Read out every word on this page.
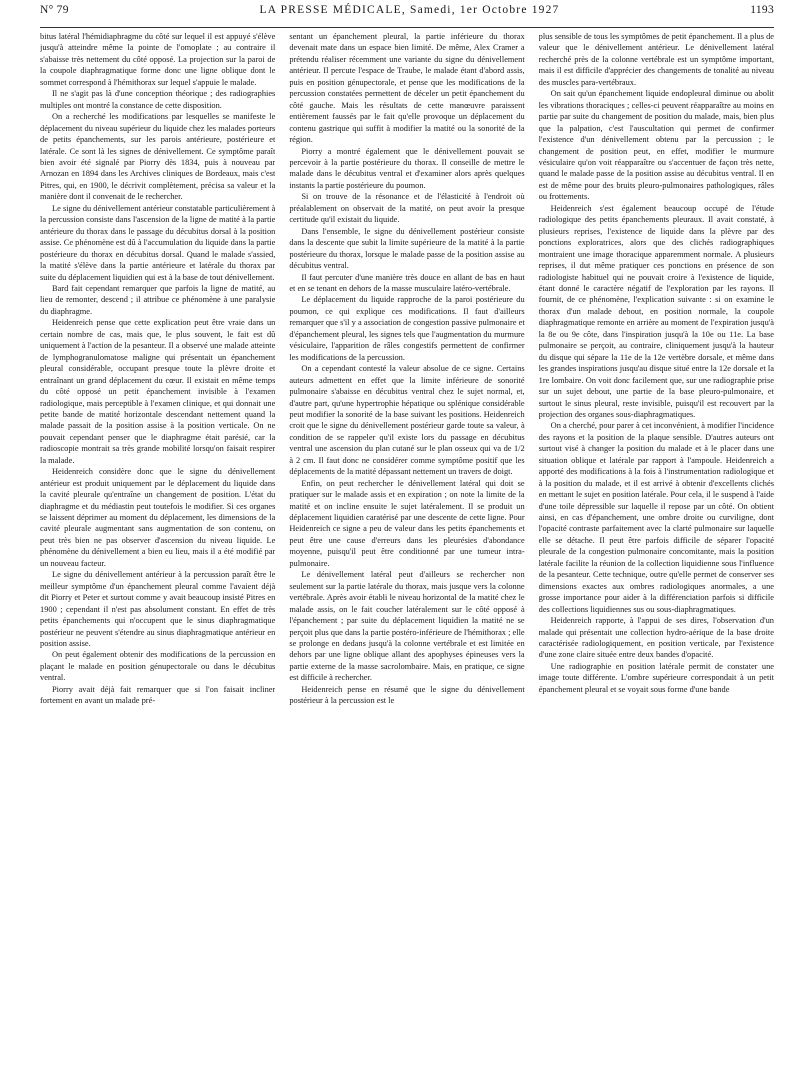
N° 79	LA PRESSE MÉDICALE, Samedi, 1er Octobre 1927	1193

bitus latéral l'hémidiaphragme du côté sur lequel il est appuyé s'élève jusqu'à atteindre même la pointe de l'omoplate ; au contraire il s'abaisse très nettement du côté opposé. La projection sur la paroi de la coupole diaphragmatique forme donc une ligne oblique dont le sommet correspond à l'hémithorax sur lequel s'appuie le malade.

Il ne s'agit pas là d'une conception théorique ; des radiographies multiples ont montré la constance de cette disposition.

On a recherché les modifications par lesquelles se manifeste le déplacement du niveau supérieur du liquide chez les malades porteurs de petits épanchements, sur les parois antérieure, postérieure et latérale. Ce sont là les signes de dénivellement. Ce symptôme paraît bien avoir été signalé par Piorry dès 1834, puis à nouveau par Arnozan en 1894 dans les Archives cliniques de Bordeaux, mais c'est Pitres, qui, en 1900, le décrivit complètement, précisa sa valeur et la manière dont il convenait de le rechercher.

Le signe du dénivellement antérieur constatable particulièrement à la percussion consiste dans l'ascension de la ligne de matité à la partie antérieure du thorax dans le passage du décubitus dorsal à la position assise. Ce phénomène est dû à l'accumulation du liquide dans la partie postérieure du thorax en décubitus dorsal. Quand le malade s'assied, la matité s'élève dans la partie antérieure et latérale du thorax par suite du déplacement liquidien qui est à la base de tout dénivellement.

Bard fait cependant remarquer que parfois la ligne de matité, au lieu de remonter, descend ; il attribue ce phénomène à une paralysie du diaphragme.

Heidenreich pense que cette explication peut être vraie dans un certain nombre de cas, mais que, le plus souvent, le fait est dû uniquement à l'action de la pesanteur. Il a observé une malade atteinte de lymphogranulomatose maligne qui présentait un épanchement pleural considérable, occupant presque toute la plèvre droite et entraînant un grand déplacement du cœur. Il existait en même temps du côté opposé un petit épanchement invisible à l'examen radiologique, mais perceptible à l'examen clinique, et qui donnait une petite bande de matité horizontale descendant nettement quand la malade passait de la position assise à la position verticale. On ne pouvait cependant penser que le diaphragme était parésié, car la radioscopie montrait sa très grande mobilité lorsqu'on faisait respirer la malade.

Heidenreich considère donc que le signe du dénivellement antérieur est produit uniquement par le déplacement du liquide dans la cavité pleurale qu'entraîne un changement de position. L'état du diaphragme et du médiastin peut toutefois le modifier. Si ces organes se laissent déprimer au moment du déplacement, les dimensions de la cavité pleurale augmentant sans augmentation de son contenu, on peut très bien ne pas observer d'ascension du niveau liquide. Le phénomène du dénivellement a bien eu lieu, mais il a été modifié par un nouveau facteur.

Le signe du dénivellement antérieur à la percussion paraît être le meilleur symptôme d'un épanchement pleural comme l'avaient déjà dit Piorry et Peter et surtout comme y avait beaucoup insisté Pitres en 1900 ; cependant il n'est pas absolument constant. En effet de très petits épanchements qui n'occupent que le sinus diaphragmatique postérieur ne peuvent s'étendre au sinus diaphragmatique antérieur en position assise.

On peut également obtenir des modifications de la percussion en plaçant le malade en position génupectorale ou dans le décubitus ventral.

Piorry avait déjà fait remarquer que si l'on faisait incliner fortement en avant un malade pré-

sentant un épanchement pleural, la partie inférieure du thorax devenait mate dans un espace bien limité. De même, Alex Cramer a prétendu réaliser récemment une variante du signe du dénivellement antérieur. Il percute l'espace de Traube, le malade étant d'abord assis, puis en position génupectorale, et pense que les modifications de la percussion constatées permettent de déceler un petit épanchement du côté gauche. Mais les résultats de cette manœuvre paraissent entièrement faussés par le fait qu'elle provoque un déplacement du contenu gastrique qui suffit à modifier la matité ou la sonorité de la région.

Piorry a montré également que le dénivellement pouvait se percevoir à la partie postérieure du thorax. Il conseille de mettre le malade dans le décubitus ventral et d'examiner alors après quelques instants la partie postérieure du poumon.

Si on trouve de la résonance et de l'élasticité à l'endroit où préalablement on observait de la matité, on peut avoir la presque certitude qu'il existait du liquide.

Dans l'ensemble, le signe du dénivellement postérieur consiste dans la descente que subit la limite supérieure de la matité à la partie postérieure du thorax, lorsque le malade passe de la position assise au décubitus ventral.

Il faut percuter d'une manière très douce en allant de bas en haut et en se tenant en dehors de la masse musculaire latéro-vertébrale.

Le déplacement du liquide rapproche de la paroi postérieure du poumon, ce qui explique ces modifications. Il faut d'ailleurs remarquer que s'il y a association de congestion passive pulmonaire et d'épanchement pleural, les signes tels que l'augmentation du murmure vésiculaire, l'apparition de râles congestifs permettent de confirmer les modifications de la percussion.

On a cependant contesté la valeur absolue de ce signe. Certains auteurs admettent en effet que la limite inférieure de sonorité pulmonaire s'abaisse en décubitus ventral chez le sujet normal, et, d'autre part, qu'une hypertrophie hépatique ou splénique considérable peut modifier la sonorité de la base suivant les positions. Heidenreich croit que le signe du dénivellement postérieur garde toute sa valeur, à condition de se rappeler qu'il existe lors du passage en décubitus ventral une ascension du plan cutané sur le plan osseux qui va de 1/2 à 2 cm. Il faut donc ne considérer comme symptôme positif que les déplacements de la matité dépassant nettement un travers de doigt.

Enfin, on peut rechercher le dénivellement latéral qui doit se pratiquer sur le malade assis et en expiration ; on note la limite de la matité et on incline ensuite le sujet latéralement. Il se produit un déplacement liquidien caratérisé par une descente de cette ligne. Pour Heidenreich ce signe a peu de valeur dans les petits épanchements et peut être une cause d'erreurs dans les pleurésies d'abondance moyenne, puisqu'il peut être conditionné par une tumeur intra-pulmonaire.

Le dénivellement latéral peut d'ailleurs se rechercher non seulement sur la partie latérale du thorax, mais jusque vers la colonne vertébrale. Après avoir établi le niveau horizontal de la matité chez le malade assis, on le fait coucher latéralement sur le côté opposé à l'épanchement ; par suite du déplacement liquidien la matité ne se perçoit plus que dans la partie postéro-inférieure de l'hémithorax ; elle se prolonge en dedans jusqu'à la colonne vertébrale et est limitée en dehors par une ligne oblique allant des apophyses épineuses vers la partie externe de la masse sacrolombaire. Mais, en pratique, ce signe est difficile à rechercher.

Heidenreich pense en résumé que le signe du dénivellement postérieur à la percussion est le

plus sensible de tous les symptômes de petit épanchement. Il a plus de valeur que le dénivellement antérieur. Le dénivellement latéral recherché près de la colonne vertébrale est un symptôme important, mais il est difficile d'apprécier des changements de tonalité au niveau des muscles para-vertébraux.

On sait qu'un épanchement liquide endopleural diminue ou abolit les vibrations thoraciques ; celles-ci peuvent réapparaître au moins en partie par suite du changement de position du malade, mais, bien plus que la palpation, c'est l'auscultation qui permet de confirmer l'existence d'un dénivellement obtenu par la percussion ; le changement de position peut, en effet, modifier le murmure vésiculaire qu'on voit réapparaître ou s'accentuer de façon très nette, quand le malade passe de la position assise au décubitus ventral. Il en est de même pour des bruits pleuro-pulmonaires pathologiques, râles ou frottements.

Heidenreich s'est également beaucoup occupé de l'étude radiologique des petits épanchements pleuraux. Il avait constaté, à plusieurs reprises, l'existence de liquide dans la plèvre par des ponctions exploratrices, alors que des clichés radiographiques montraient une image thoracique apparemment normale. A plusieurs reprises, il dut même pratiquer ces ponctions en présence de son radiologiste habituel qui ne pouvait croire à l'existence de liquide, étant donné le caractère négatif de l'exploration par les rayons. Il fournit, de ce phénomène, l'explication suivante : si on examine le thorax d'un malade debout, en position normale, la coupole diaphragmatique remonte en arrière au moment de l'expiration jusqu'à la 8e ou 9e côte, dans l'inspiration jusqu'à la 10e ou 11e. La base pulmonaire se perçoit, au contraire, cliniquement jusqu'à la hauteur du disque qui sépare la 11e de la 12e vertèbre dorsale, et même dans les grandes inspirations jusqu'au disque situé entre la 12e dorsale et la 1re lombaire. On voit donc facilement que, sur une radiographie prise sur un sujet debout, une partie de la base pleuro-pulmonaire, et surtout le sinus pleural, reste invisible, puisqu'il est recouvert par la projection des organes sous-diaphragmatiques.

On a cherché, pour parer à cet inconvénient, à modifier l'incidence des rayons et la position de la plaque sensible. D'autres auteurs ont surtout visé à changer la position du malade et à le placer dans une situation oblique et latérale par rapport à l'ampoule. Heidenreich a apporté des modifications à la fois à l'instrumentation radiologique et à la position du malade, et il est arrivé à obtenir d'excellents clichés en mettant le sujet en position latérale. Pour cela, il le suspend à l'aide d'une toile dépressible sur laquelle il repose par un côté. On obtient ainsi, en cas d'épanchement, une ombre droite ou curviligne, dont l'opacité contraste parfaitement avec la clarté pulmonaire sur laquelle elle se détache. Il peut être parfois difficile de séparer l'opacité pleurale de la congestion pulmonaire concomitante, mais la position latérale facilite la réunion de la collection liquidienne sous l'influence de la pesanteur. Cette technique, outre qu'elle permet de conserver ses dimensions exactes aux ombres radiologiques anormales, a une grosse importance pour aider à la différenciation parfois si difficile des collections liquidiennes sus ou sous-diaphragmatiques.

Heidenreich rapporte, à l'appui de ses dires, l'observation d'un malade qui présentait une collection hydro-aérique de la base droite caractérisée radiologiquement, en position verticale, par l'existence d'une zone claire située entre deux bandes d'opacité.

Une radiographie en position latérale permit de constater une image toute différente. L'ombre supérieure correspondait à un petit épanchement pleural et se voyait sous forme d'une bande
